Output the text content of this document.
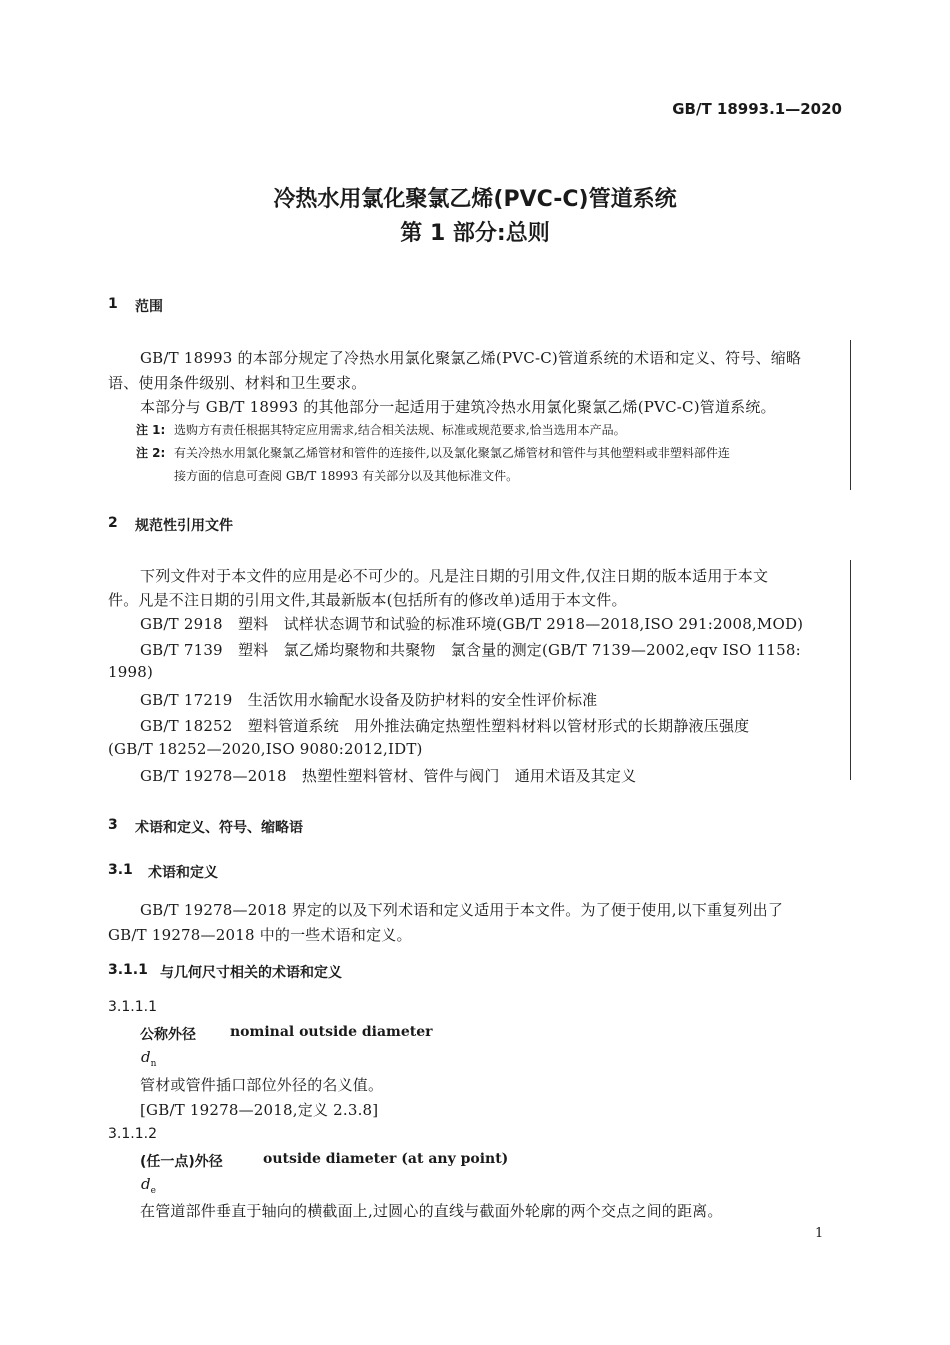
GB/T 18993.1—2020
冷热水用氯化聚氯乙烯(PVC-C)管道系统
第 1 部分:总则
1 范围
GB/T 18993 的本部分规定了冷热水用氯化聚氯乙烯(PVC-C)管道系统的术语和定义、符号、缩略
语、使用条件级别、材料和卫生要求。
本部分与 GB/T 18993 的其他部分一起适用于建筑冷热水用氯化聚氯乙烯(PVC-C)管道系统。
注 1: 选购方有责任根据其特定应用需求,结合相关法规、标准或规范要求,恰当选用本产品。
注 2: 有关冷热水用氯化聚氯乙烯管材和管件的连接件,以及氯化聚氯乙烯管材和管件与其他塑料或非塑料部件连
接方面的信息可查阅 GB/T 18993 有关部分以及其他标准文件。
2 规范性引用文件
下列文件对于本文件的应用是必不可少的。凡是注日期的引用文件,仅注日期的版本适用于本文
件。凡是不注日期的引用文件,其最新版本(包括所有的修改单)适用于本文件。
GB/T 2918　塑料　试样状态调节和试验的标准环境(GB/T 2918—2018,ISO 291:2008,MOD)
GB/T 7139　塑料　氯乙烯均聚物和共聚物　氯含量的测定(GB/T 7139—2002,eqv ISO 1158:
1998)
GB/T 17219　生活饮用水输配水设备及防护材料的安全性评价标准
GB/T 18252　塑料管道系统　用外推法确定热塑性塑料材料以管材形式的长期静液压强度
(GB/T 18252—2020,ISO 9080:2012,IDT)
GB/T 19278—2018　热塑性塑料管材、管件与阀门　通用术语及其定义
3 术语和定义、符号、缩略语
3.1 术语和定义
GB/T 19278—2018 界定的以及下列术语和定义适用于本文件。为了便于使用,以下重复列出了
GB/T 19278—2018 中的一些术语和定义。
3.1.1 与几何尺寸相关的术语和定义
3.1.1.1
公称外径 nominal outside diameter
$d_n$
管材或管件插口部位外径的名义值。
[GB/T 19278—2018,定义 2.3.8]
3.1.1.2
(任一点)外径	outside diameter (at any point)
$d_e$
在管道部件垂直于轴向的横截面上,过圆心的直线与截面外轮廓的两个交点之间的距离。
1
